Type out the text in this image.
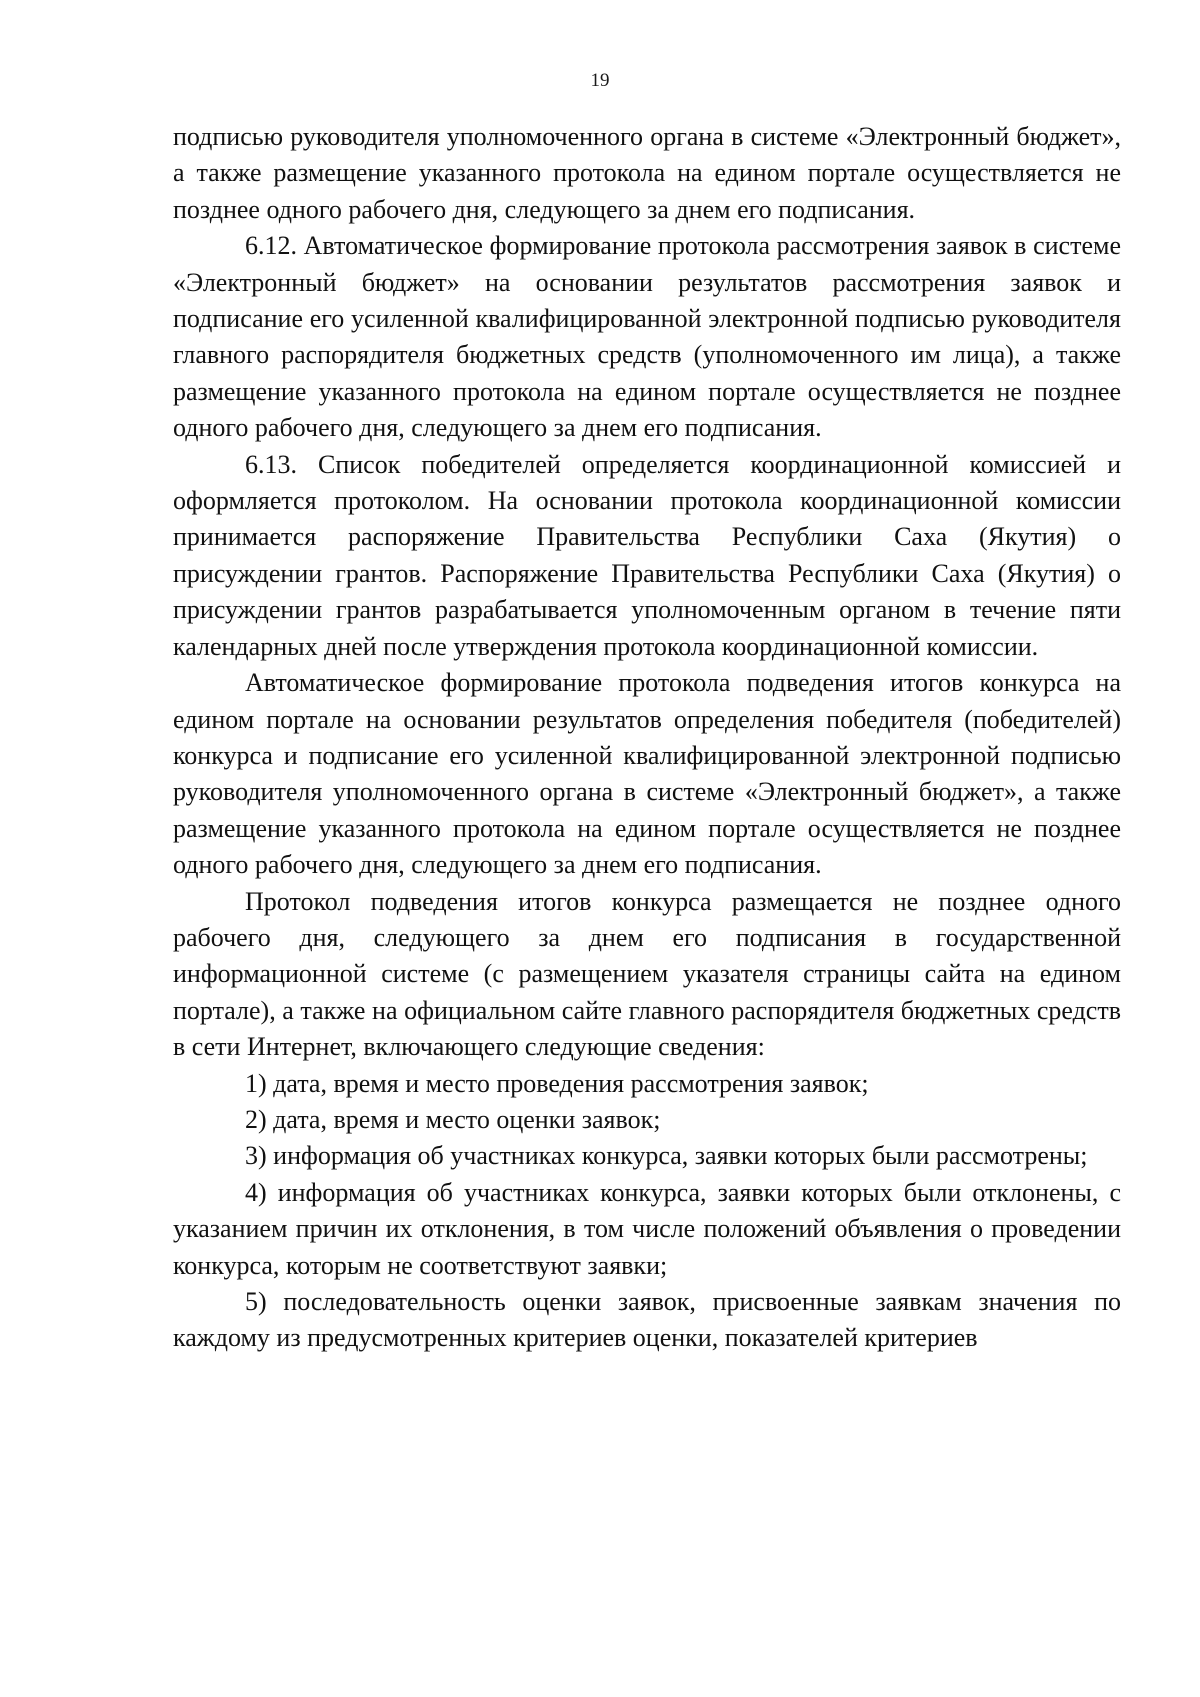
19

подписью руководителя уполномоченного органа в системе «Электронный бюджет», а также размещение указанного протокола на едином портале осуществляется не позднее одного рабочего дня, следующего за днем его подписания.

6.12. Автоматическое формирование протокола рассмотрения заявок в системе «Электронный бюджет» на основании результатов рассмотрения заявок и подписание его усиленной квалифицированной электронной подписью руководителя главного распорядителя бюджетных средств (уполномоченного им лица), а также размещение указанного протокола на едином портале осуществляется не позднее одного рабочего дня, следующего за днем его подписания.

6.13. Список победителей определяется координационной комиссией и оформляется протоколом. На основании протокола координационной комиссии принимается распоряжение Правительства Республики Саха (Якутия) о присуждении грантов. Распоряжение Правительства Республики Саха (Якутия) о присуждении грантов разрабатывается уполномоченным органом в течение пяти календарных дней после утверждения протокола координационной комиссии.

Автоматическое формирование протокола подведения итогов конкурса на едином портале на основании результатов определения победителя (победителей) конкурса и подписание его усиленной квалифицированной электронной подписью руководителя уполномоченного органа в системе «Электронный бюджет», а также размещение указанного протокола на едином портале осуществляется не позднее одного рабочего дня, следующего за днем его подписания.

Протокол подведения итогов конкурса размещается не позднее одного рабочего дня, следующего за днем его подписания в государственной информационной системе (с размещением указателя страницы сайта на едином портале), а также на официальном сайте главного распорядителя бюджетных средств в сети Интернет, включающего следующие сведения:

1) дата, время и место проведения рассмотрения заявок;

2) дата, время и место оценки заявок;

3) информация об участниках конкурса, заявки которых были рассмотрены;

4) информация об участниках конкурса, заявки которых были отклонены, с указанием причин их отклонения, в том числе положений объявления о проведении конкурса, которым не соответствуют заявки;

5) последовательность оценки заявок, присвоенные заявкам значения по каждому из предусмотренных критериев оценки, показателей критериев
